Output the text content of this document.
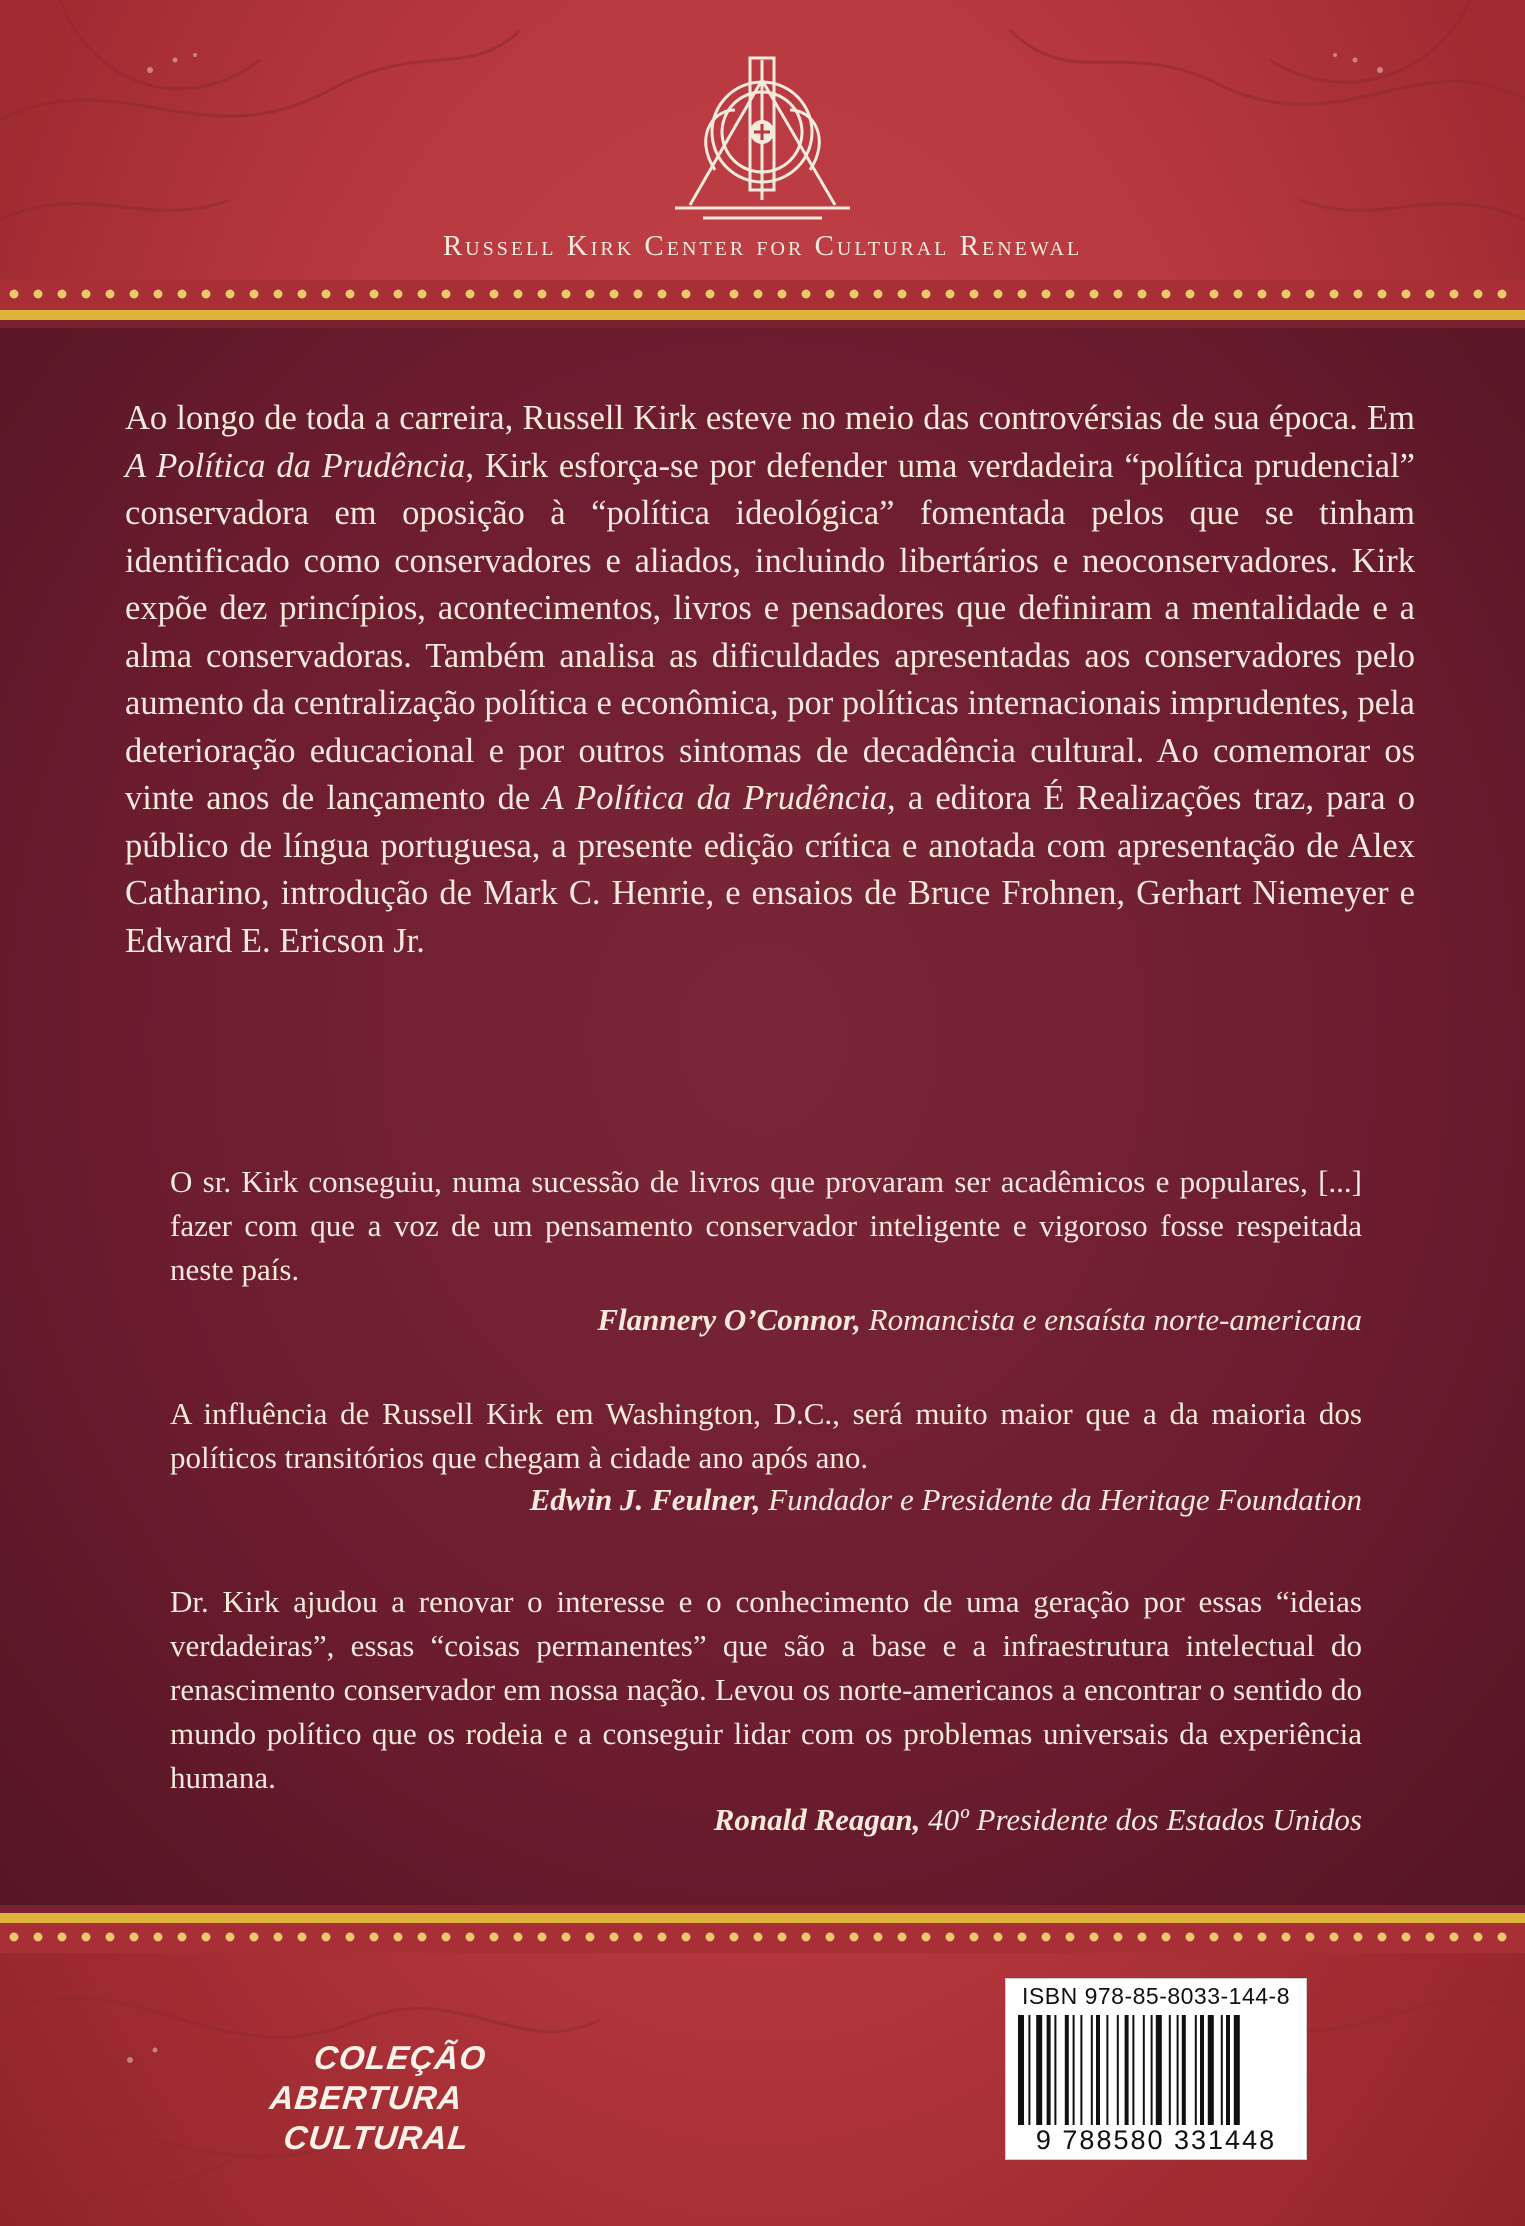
Russell Kirk Center for Cultural Renewal

Ao longo de toda a carreira, Russell Kirk esteve no meio das controvérsias de sua época. Em A Política da Prudência, Kirk esforça-se por defender uma verdadeira “política prudencial” conservadora em oposição à “política ideológica” fomentada pelos que se tinham identificado como conservadores e aliados, incluindo libertários e neoconservadores. Kirk expõe dez princípios, acontecimentos, livros e pensadores que definiram a mentalidade e a alma conservadoras. Também analisa as dificuldades apresentadas aos conservadores pelo aumento da centralização política e econômica, por políticas internacionais imprudentes, pela deterioração educacional e por outros sintomas de decadência cultural. Ao comemorar os vinte anos de lançamento de A Política da Prudência, a editora É Realizações traz, para o público de língua portuguesa, a presente edição crítica e anotada com apresentação de Alex Catharino, introdução de Mark C. Henrie, e ensaios de Bruce Frohnen, Gerhart Niemeyer e Edward E. Ericson Jr.

O sr. Kirk conseguiu, numa sucessão de livros que provaram ser acadêmicos e populares, [...] fazer com que a voz de um pensamento conservador inteligente e vigoroso fosse respeitada neste país.

Flannery O’Connor, Romancista e ensaísta norte-americana

A influência de Russell Kirk em Washington, D.C., será muito maior que a da maioria dos políticos transitórios que chegam à cidade ano após ano.

Edwin J. Feulner, Fundador e Presidente da Heritage Foundation

Dr. Kirk ajudou a renovar o interesse e o conhecimento de uma geração por essas “ideias verdadeiras”, essas “coisas permanentes” que são a base e a infraestrutura intelectual do renascimento conservador em nossa nação. Levou os norte-americanos a encontrar o sentido do mundo político que os rodeia e a conseguir lidar com os problemas universais da experiência humana.

Ronald Reagan, 40º Presidente dos Estados Unidos
COLEÇÃO
ABERTURA
CULTURAL
ISBN 978-85-8033-144-8
9 788580 331448
